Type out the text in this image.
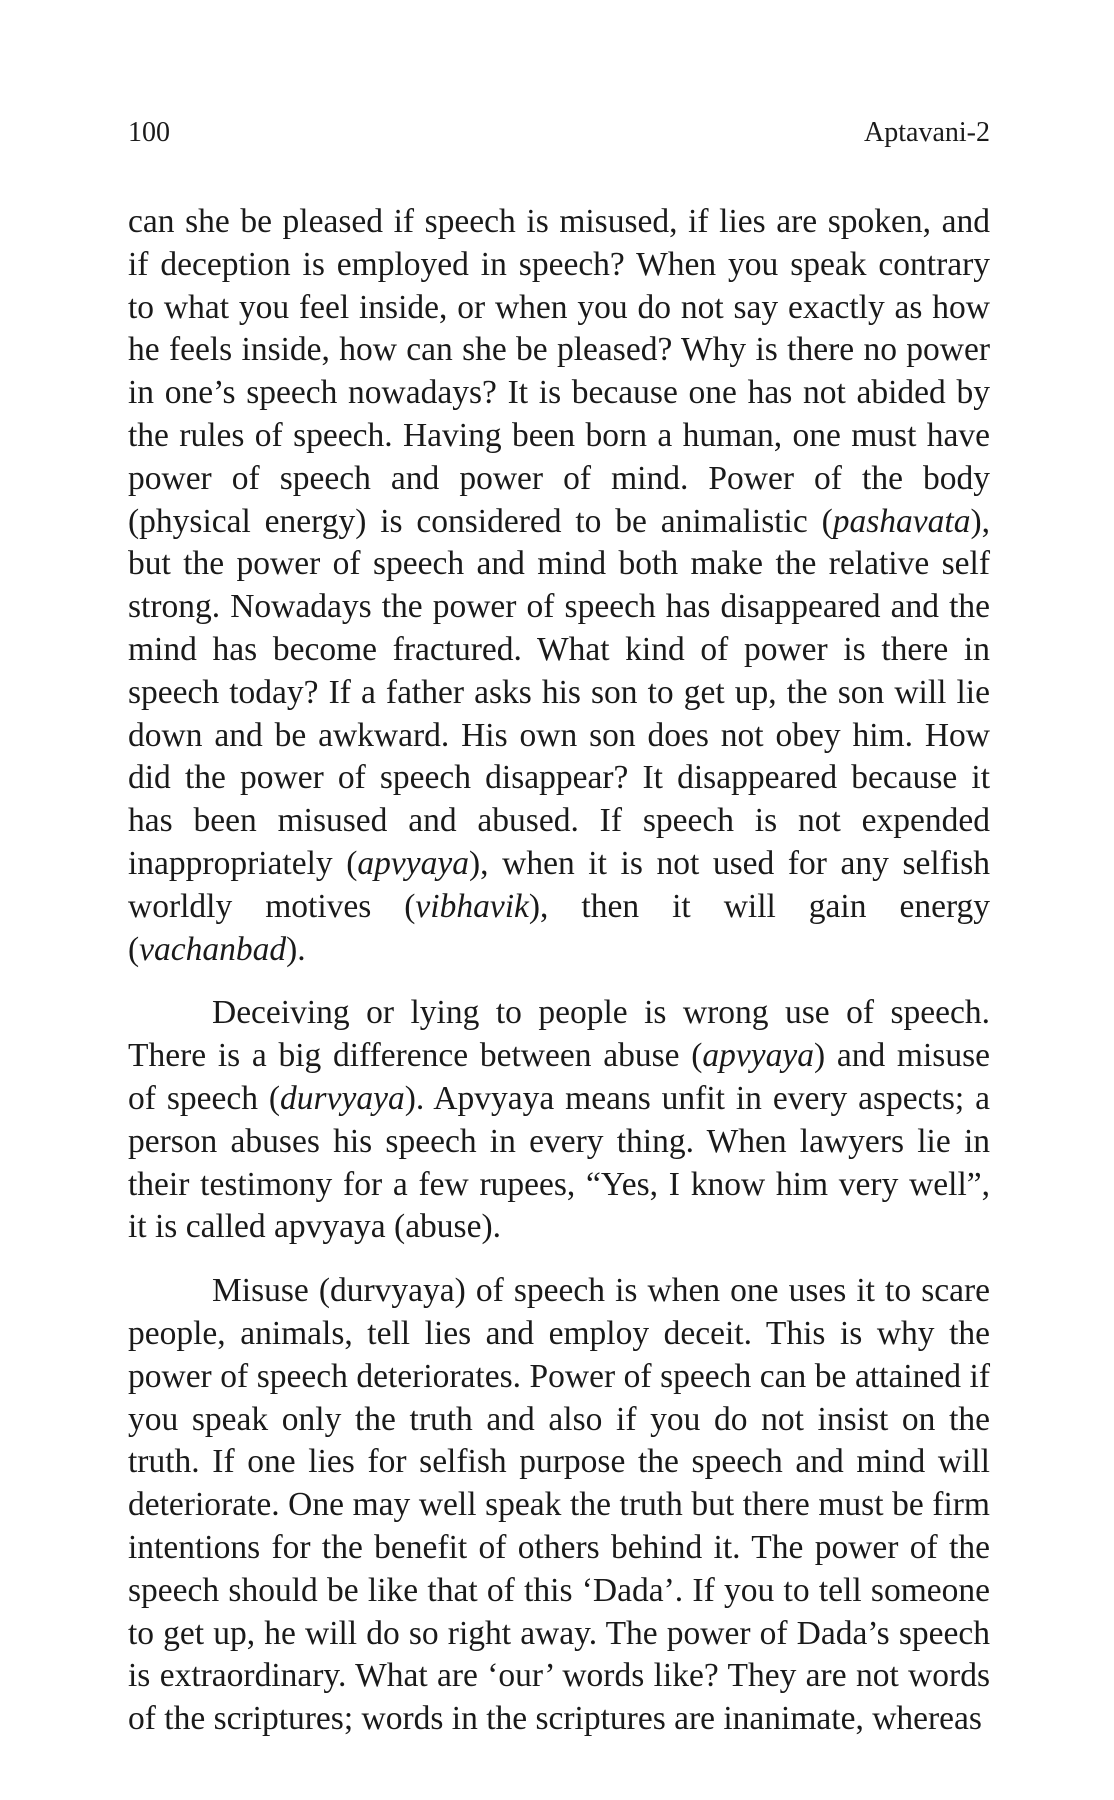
100	Aptavani-2

can she be pleased if speech is misused, if lies are spoken, and if deception is employed in speech? When you speak contrary to what you feel inside, or when you do not say exactly as how he feels inside, how can she be pleased? Why is there no power in one’s speech nowadays? It is because one has not abided by the rules of speech. Having been born a human, one must have power of speech and power of mind. Power of the body (physical energy) is considered to be animalistic (pashavata), but the power of speech and mind both make the relative self strong. Nowadays the power of speech has disappeared and the mind has become fractured. What kind of power is there in speech today? If a father asks his son to get up, the son will lie down and be awkward. His own son does not obey him. How did the power of speech disappear? It disappeared because it has been misused and abused. If speech is not expended inappropriately (apvyaya), when it is not used for any selfish worldly motives (vibhavik), then it will gain energy (vachanbad).

Deceiving or lying to people is wrong use of speech. There is a big difference between abuse (apvyaya) and misuse of speech (durvyaya). Apvyaya means unfit in every aspects; a person abuses his speech in every thing. When lawyers lie in their testimony for a few rupees, “Yes, I know him very well”, it is called apvyaya (abuse).

Misuse (durvyaya) of speech is when one uses it to scare people, animals, tell lies and employ deceit. This is why the power of speech deteriorates. Power of speech can be attained if you speak only the truth and also if you do not insist on the truth. If one lies for selfish purpose the speech and mind will deteriorate. One may well speak the truth but there must be firm intentions for the benefit of others behind it. The power of the speech should be like that of this ‘Dada’. If you to tell someone to get up, he will do so right away. The power of Dada’s speech is extraordinary. What are ‘our’ words like? They are not words of the scriptures; words in the scriptures are inanimate, whereas
